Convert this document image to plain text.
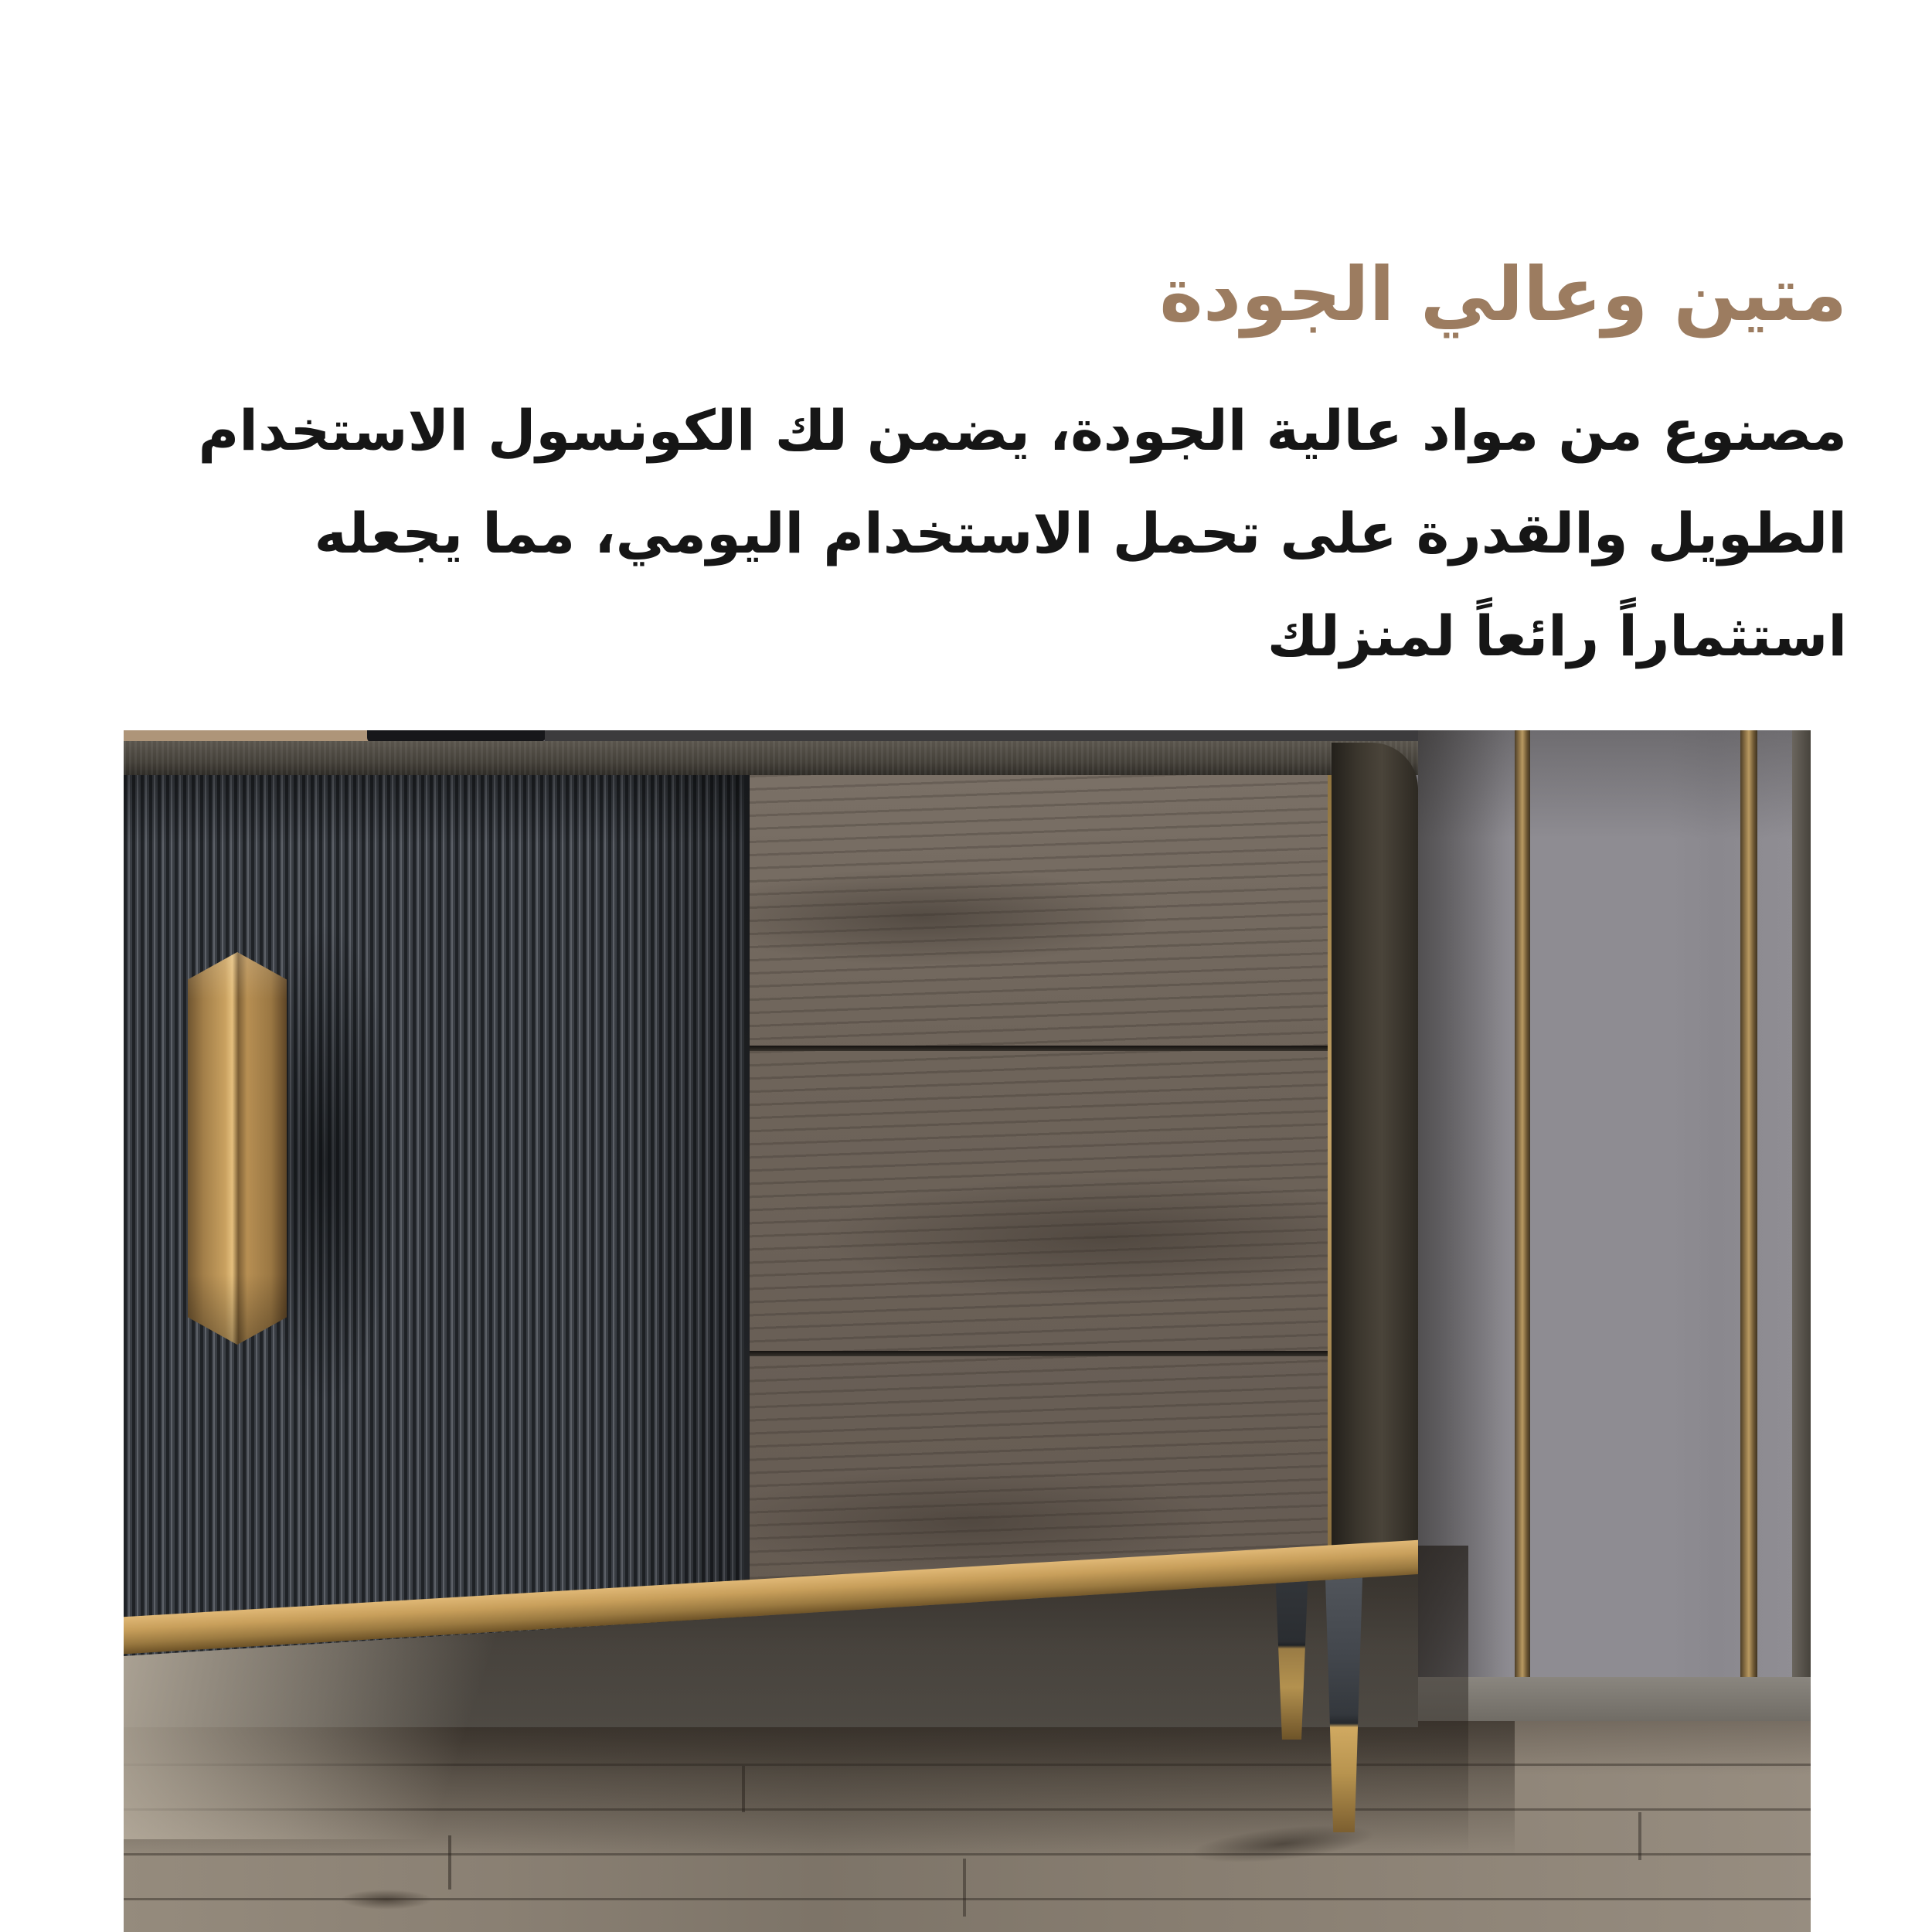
متين وعالي الجودة
مصنوع من مواد عالية الجودة، يضمن لك الكونسول الاستخدام
الطويل والقدرة على تحمل الاستخدام اليومي، مما يجعله
استثماراً رائعاً لمنزلك
